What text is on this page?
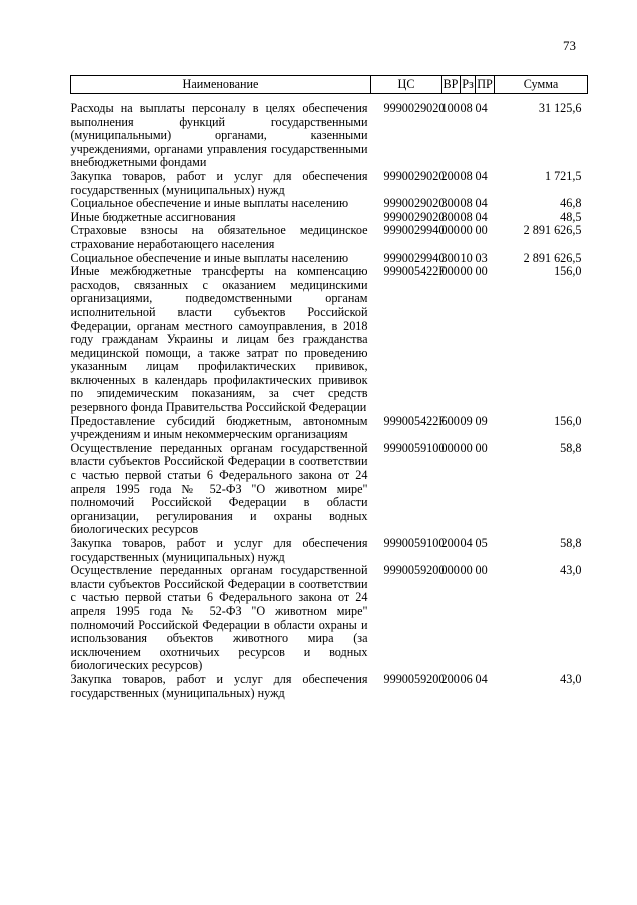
73
Наименование	ЦС	ВР	Рз	ПР	Сумма

Расходы на выплаты персоналу в целях обеспечения выполнения функций государственными (муниципальными) органами, казенными учреждениями, органами управления государственными внебюджетными фондами	9990029020	100	08	04	31 125,6
Закупка товаров, работ и услуг для обеспечения государственных (муниципальных) нужд	9990029020	200	08	04	1 721,5
Социальное обеспечение и иные выплаты населению	9990029020	300	08	04	46,8
Иные бюджетные ассигнования	9990029020	800	08	04	48,5
Страховые взносы на обязательное медицинское страхование неработающего населения	9990029940	000	00	00	2 891 626,5
Социальное обеспечение и иные выплаты населению	9990029940	300	10	03	2 891 626,5
Иные межбюджетные трансферты на компенсацию расходов, связанных с оказанием медицинскими организациями, подведомственными органам исполнительной власти субъектов Российской Федерации, органам местного самоуправления, в 2018 году гражданам Украины и лицам без гражданства медицинской помощи, а также затрат по проведению указанным лицам профилактических прививок, включенных в календарь профилактических прививок по эпидемическим показаниям, за счет средств резервного фонда Правительства Российской Федерации	999005422F	000	00	00	156,0
Предоставление субсидий бюджетным, автономным учреждениям и иным некоммерческим организациям	999005422F	600	09	09	156,0
Осуществление переданных органам государственной власти субъектов Российской Федерации в соответствии с частью первой статьи 6 Федерального закона от 24 апреля 1995 года № 52-ФЗ "О животном мире" полномочий Российской Федерации в области организации, регулирования и охраны водных биологических ресурсов	9990059100	000	00	00	58,8
Закупка товаров, работ и услуг для обеспечения государственных (муниципальных) нужд	9990059100	200	04	05	58,8
Осуществление переданных органам государственной власти субъектов Российской Федерации в соответствии с частью первой статьи 6 Федерального закона от 24 апреля 1995 года № 52-ФЗ "О животном мире" полномочий Российской Федерации в области охраны и использования объектов животного мира (за исключением охотничьих ресурсов и водных биологических ресурсов)	9990059200	000	00	00	43,0
Закупка товаров, работ и услуг для обеспечения государственных (муниципальных) нужд	9990059200	200	06	04	43,0
